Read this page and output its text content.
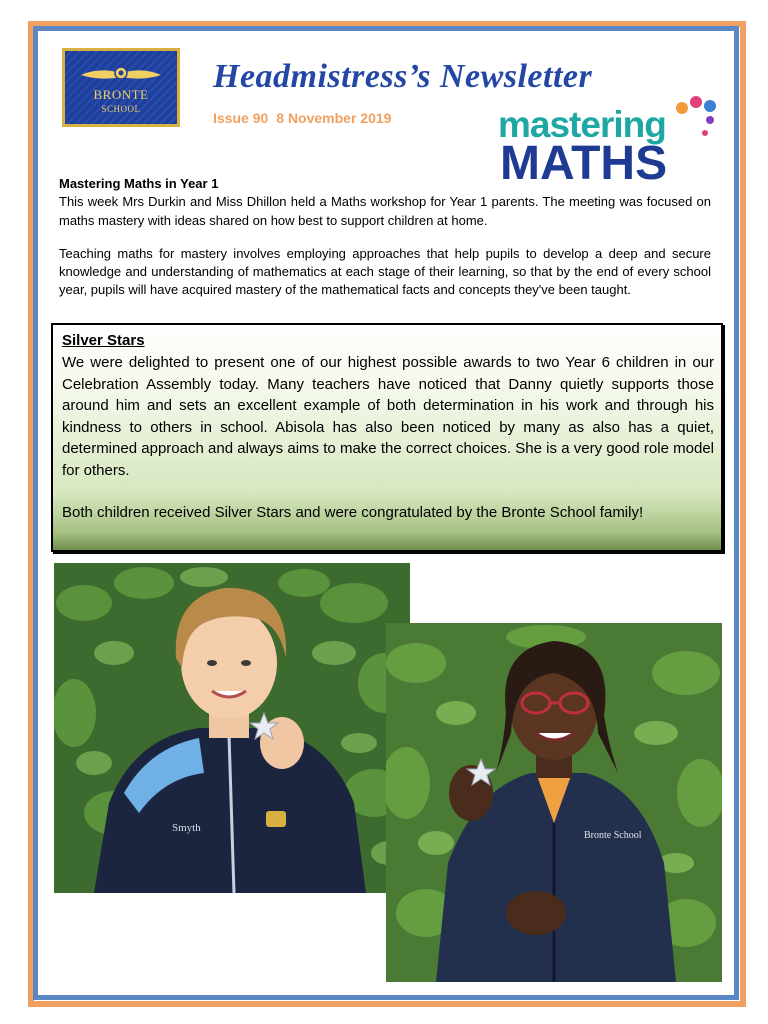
BRONTE
SCHOOL
Headmistress’s Newsletter
Issue 90 8 November 2019	mastering
MATHS
Mastering Maths in Year 1

This week Mrs Durkin and Miss Dhillon held a Maths workshop for Year 1 parents. The meeting was focused on maths mastery with ideas shared on how best to support children at home.

Teaching maths for mastery involves employing approaches that help pupils to develop a deep and secure knowledge and understanding of mathematics at each stage of their learning, so that by the end of every school year, pupils will have acquired mastery of the mathematical facts and concepts they've been taught.

Silver Stars

We were delighted to present one of our highest possible awards to two Year 6 children in our Celebration Assembly today. Many teachers have noticed that Danny quietly supports those around him and sets an excellent example of both determination in his work and through his kindness to others in school. Abisola has also been noticed by many as also has a quiet, determined approach and always aims to make the correct choices. She is a very good role model for others.

Both children received Silver Stars and were congratulated by the Bronte School family!

Smyth
Bronte School
